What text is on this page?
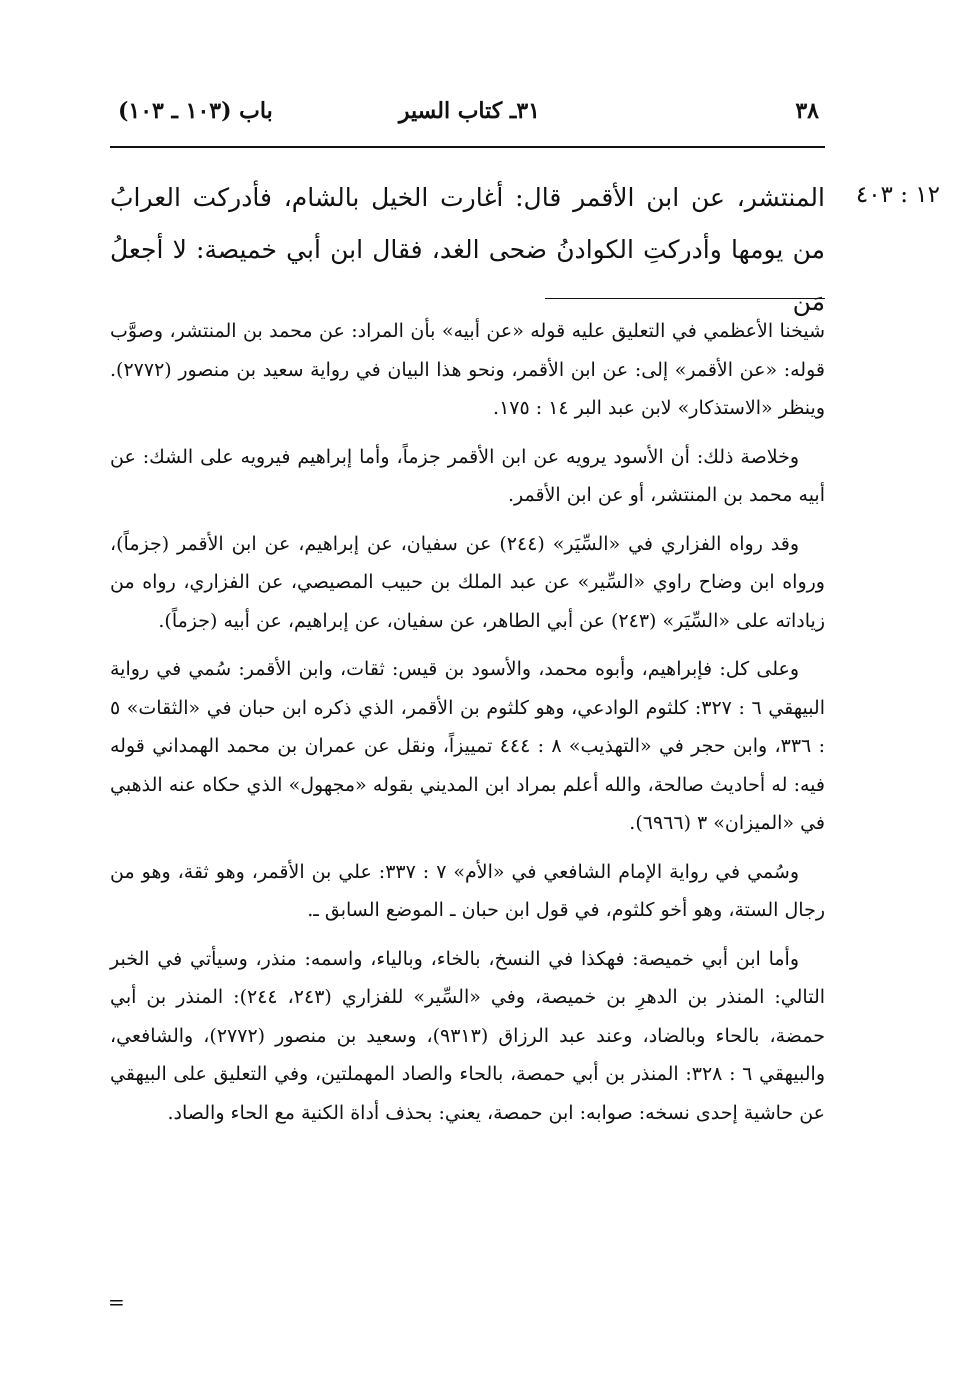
٣٨
٣١ـ كتاب السير
باب (١٠٣ ـ ١٠٣)
١٢ : ٤٠٣
المنتشر، عن ابن الأقمر قال: أغارت الخيل بالشام، فأدركت العرابُ من يومها وأدركتِ الكوادنُ ضحى الغد، فقال ابن أبي خميصة: لا أجعلُ مَن

شيخنا الأعظمي في التعليق عليه قوله «عن أبيه» بأن المراد: عن محمد بن المنتشر، وصوَّب قوله: «عن الأقمر» إلى: عن ابن الأقمر، ونحو هذا البيان في رواية سعيد بن منصور (٢٧٧٢). وينظر «الاستذكار» لابن عبد البر ١٤ : ١٧٥.

وخلاصة ذلك: أن الأسود يرويه عن ابن الأقمر جزماً، وأما إبراهيم فيرويه على الشك: عن أبيه محمد بن المنتشر، أو عن ابن الأقمر.

وقد رواه الفزاري في «السِّيَر» (٢٤٤) عن سفيان، عن إبراهيم، عن ابن الأقمر (جزماً)، ورواه ابن وضاح راوي «السِّير» عن عبد الملك بن حبيب المصيصي، عن الفزاري، رواه من زياداته على «السِّيَر» (٢٤٣) عن أبي الطاهر، عن سفيان، عن إبراهيم، عن أبيه (جزماً).

وعلى كل: فإبراهيم، وأبوه محمد، والأسود بن قيس: ثقات، وابن الأقمر: سُمي في رواية البيهقي ٦ : ٣٢٧: كلثوم الوادعي، وهو كلثوم بن الأقمر، الذي ذكره ابن حبان في «الثقات» ٥ : ٣٣٦، وابن حجر في «التهذيب» ٨ : ٤٤٤ تمييزاً، ونقل عن عمران بن محمد الهمداني قوله فيه: له أحاديث صالحة، والله أعلم بمراد ابن المديني بقوله «مجهول» الذي حكاه عنه الذهبي في «الميزان» ٣ (٦٩٦٦).

وسُمي في رواية الإمام الشافعي في «الأم» ٧ : ٣٣٧: علي بن الأقمر، وهو ثقة، وهو من رجال الستة، وهو أخو كلثوم، في قول ابن حبان ـ الموضع السابق ـ.

وأما ابن أبي خميصة: فهكذا في النسخ، بالخاء، وبالياء، واسمه: منذر، وسيأتي في الخبر التالي: المنذر بن الدهرِ بن خميصة، وفي «السِّير» للفزاري (٢٤٣، ٢٤٤): المنذر بن أبي حمضة، بالحاء وبالضاد، وعند عبد الرزاق (٩٣١٣)، وسعيد بن منصور (٢٧٧٢)، والشافعي، والبيهقي ٦ : ٣٢٨: المنذر بن أبي حمصة، بالحاء والصاد المهملتين، وفي التعليق على البيهقي عن حاشية إحدى نسخه: صوابه: ابن حمصة، يعني: بحذف أداة الكنية مع الحاء والصاد.

=
